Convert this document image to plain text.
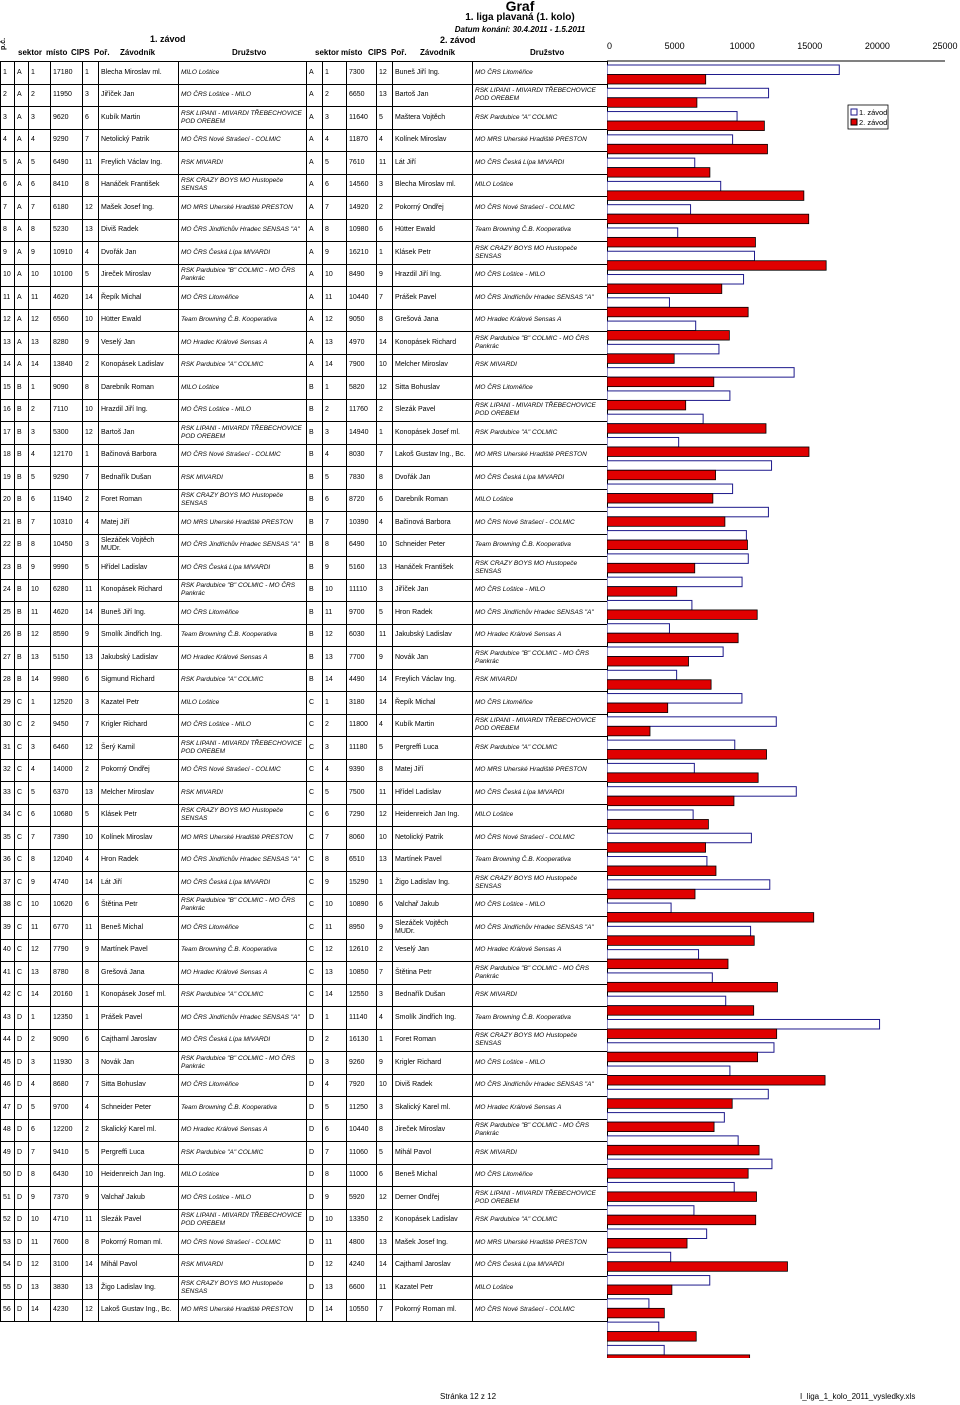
p.č.
Graf
1. liga plavaná (1. kolo)
Datum konání: 30.4.2011 - 1.5.2011
1. závod	2. závod
sektor místo CIPS Poř. Závodník	Družstvo	sektor místo CIPS Poř. Závodník	Družstvo
1	A	1	17180	1	Blecha Miroslav ml.	MILO Loštice	A	1	7300	12	Buneš Jiří Ing.	MO ČRS Litoměřice
2	A	2	11950	3	Jiříček Jan	MO ČRS Loštice - MILO	A	2	6650	13	Bartoš Jan	RSK LIPANI - MIVARDI TŘEBECHOVICE POD OREBEM
3	A	3	9620	6	Kubík Martin	RSK LIPANI - MIVARDI TŘEBECHOVICE POD OREBEM	A	3	11640	5	Maštera Vojtěch	RSK Pardubice "A" COLMIC
4	A	4	9290	7	Netolický Patrik	MO ČRS Nové Strašecí - COLMIC	A	4	11870	4	Kolínek Miroslav	MO MRS Uherské Hradiště PRESTON
5	A	5	6490	11	Freylich Václav Ing.	RSK MIVARDI	A	5	7610	11	Lát Jiří	MO ČRS Česká Lípa MIVARDI
6	A	6	8410	8	Hanáček František	RSK CRAZY BOYS MO Hustopeče SENSAS	A	6	14560	3	Blecha Miroslav ml.	MILO Loštice
7	A	7	6180	12	Mašek Josef Ing.	MO MRS Uherské Hradiště PRESTON	A	7	14920	2	Pokorný Ondřej	MO ČRS Nové Strašecí - COLMIC
8	A	8	5230	13	Diviš Radek	MO ČRS Jindřichův Hradec SENSAS "A"	A	8	10980	6	Hütter Ewald	Team Browning Č.B. Kooperativa
9	A	9	10910	4	Dvořák Jan	MO ČRS Česká Lípa MIVARDI	A	9	16210	1	Klásek Petr	RSK CRAZY BOYS MO Hustopeče SENSAS
10	A	10	10100	5	Jireček Miroslav	RSK Pardubice "B" COLMIC - MO ČRS Pankrác	A	10	8490	9	Hrazdil Jiří Ing.	MO ČRS Loštice - MILO
11	A	11	4620	14	Řepík Michal	MO ČRS Litoměřice	A	11	10440	7	Prášek Pavel	MO ČRS Jindřichův Hradec SENSAS "A"
12	A	12	6560	10	Hütter Ewald	Team Browning Č.B. Kooperativa	A	12	9050	8	Grešová Jana	MO Hradec Králové Sensas A
13	A	13	8280	9	Veselý Jan	MO Hradec Králové Sensas A	A	13	4970	14	Konopásek Richard	RSK Pardubice "B" COLMIC - MO ČRS Pankrác
14	A	14	13840	2	Konopásek Ladislav	RSK Pardubice "A" COLMIC	A	14	7900	10	Melcher Miroslav	RSK MIVARDI
15	B	1	9090	8	Darebník Roman	MILO Loštice	B	1	5820	12	Sitta Bohuslav	MO ČRS Litoměřice
16	B	2	7110	10	Hrazdil Jiří Ing.	MO ČRS Loštice - MILO	B	2	11760	2	Slezák Pavel	RSK LIPANI - MIVARDI TŘEBECHOVICE POD OREBEM
17	B	3	5300	12	Bartoš Jan	RSK LIPANI - MIVARDI TŘEBECHOVICE POD OREBEM	B	3	14940	1	Konopásek Josef ml.	RSK Pardubice "A" COLMIC
18	B	4	12170	1	Bačinová Barbora	MO ČRS Nové Strašecí - COLMIC	B	4	8030	7	Lakoš Gustav Ing., Bc.	MO MRS Uherské Hradiště PRESTON
19	B	5	9290	7	Bednařík Dušan	RSK MIVARDI	B	5	7830	8	Dvořák Jan	MO ČRS Česká Lípa MIVARDI
20	B	6	11940	2	Foret Roman	RSK CRAZY BOYS MO Hustopeče SENSAS	B	6	8720	6	Darebník Roman	MILO Loštice
21	B	7	10310	4	Matej Jiří	MO MRS Uherské Hradiště PRESTON	B	7	10390	4	Bačinová Barbora	MO ČRS Nové Strašecí - COLMIC
22	B	8	10450	3	Slezáček Vojtěch MUDr.	MO ČRS Jindřichův Hradec SENSAS "A"	B	8	6490	10	Schneider Peter	Team Browning Č.B. Kooperativa
23	B	9	9990	5	Hřídel Ladislav	MO ČRS Česká Lípa MIVARDI	B	9	5160	13	Hanáček František	RSK CRAZY BOYS MO Hustopeče SENSAS
24	B	10	6280	11	Konopásek Richard	RSK Pardubice "B" COLMIC - MO ČRS Pankrác	B	10	11110	3	Jiříček Jan	MO ČRS Loštice - MILO
25	B	11	4620	14	Buneš Jiří Ing.	MO ČRS Litoměřice	B	11	9700	5	Hron Radek	MO ČRS Jindřichův Hradec SENSAS "A"
26	B	12	8590	9	Smolík Jindřich Ing.	Team Browning Č.B. Kooperativa	B	12	6030	11	Jakubský Ladislav	MO Hradec Králové Sensas A
27	B	13	5150	13	Jakubský Ladislav	MO Hradec Králové Sensas A	B	13	7700	9	Novák Jan	RSK Pardubice "B" COLMIC - MO ČRS Pankrác
28	B	14	9980	6	Sigmund Richard	RSK Pardubice "A" COLMIC	B	14	4490	14	Freylich Václav Ing.	RSK MIVARDI
29	C	1	12520	3	Kazatel Petr	MILO Loštice	C	1	3180	14	Řepík Michal	MO ČRS Litoměřice
30	C	2	9450	7	Krigler Richard	MO ČRS Loštice - MILO	C	2	11800	4	Kubík Martin	RSK LIPANI - MIVARDI TŘEBECHOVICE POD OREBEM
31	C	3	6460	12	Šerý Kamil	RSK LIPANI - MIVARDI TŘEBECHOVICE POD OREBEM	C	3	11180	5	Pergreffi Luca	RSK Pardubice "A" COLMIC
32	C	4	14000	2	Pokorný Ondřej	MO ČRS Nové Strašecí - COLMIC	C	4	9390	8	Matej Jiří	MO MRS Uherské Hradiště PRESTON
33	C	5	6370	13	Melcher Miroslav	RSK MIVARDI	C	5	7500	11	Hřídel Ladislav	MO ČRS Česká Lípa MIVARDI
34	C	6	10680	5	Klásek Petr	RSK CRAZY BOYS MO Hustopeče SENSAS	C	6	7290	12	Heidenreich Jan Ing.	MILO Loštice
35	C	7	7390	10	Kolínek Miroslav	MO MRS Uherské Hradiště PRESTON	C	7	8060	10	Netolický Patrik	MO ČRS Nové Strašecí - COLMIC
36	C	8	12040	4	Hron Radek	MO ČRS Jindřichův Hradec SENSAS "A"	C	8	6510	13	Martínek Pavel	Team Browning Č.B. Kooperativa
37	C	9	4740	14	Lát Jiří	MO ČRS Česká Lípa MIVARDI	C	9	15290	1	Žigo Ladislav Ing.	RSK CRAZY BOYS MO Hustopeče SENSAS
38	C	10	10620	6	Štětina Petr	RSK Pardubice "B" COLMIC - MO ČRS Pankrác	C	10	10890	6	Valchař Jakub	MO ČRS Loštice - MILO
39	C	11	6770	11	Beneš Michal	MO ČRS Litoměřice	C	11	8950	9	Slezáček Vojtěch MUDr.	MO ČRS Jindřichův Hradec SENSAS "A"
40	C	12	7790	9	Martínek Pavel	Team Browning Č.B. Kooperativa	C	12	12610	2	Veselý Jan	MO Hradec Králové Sensas A
41	C	13	8780	8	Grešová Jana	MO Hradec Králové Sensas A	C	13	10850	7	Štětina Petr	RSK Pardubice "B" COLMIC - MO ČRS Pankrác
42	C	14	20160	1	Konopásek Josef ml.	RSK Pardubice "A" COLMIC	C	14	12550	3	Bednařík Dušan	RSK MIVARDI
43	D	1	12350	1	Prášek Pavel	MO ČRS Jindřichův Hradec SENSAS "A"	D	1	11140	4	Smolík Jindřich Ing.	Team Browning Č.B. Kooperativa
44	D	2	9090	6	Cajthaml Jaroslav	MO ČRS Česká Lípa MIVARDI	D	2	16130	1	Foret Roman	RSK CRAZY BOYS MO Hustopeče SENSAS
45	D	3	11930	3	Novák Jan	RSK Pardubice "B" COLMIC - MO ČRS Pankrác	D	3	9260	9	Krigler Richard	MO ČRS Loštice - MILO
46	D	4	8680	7	Sitta Bohuslav	MO ČRS Litoměřice	D	4	7920	10	Diviš Radek	MO ČRS Jindřichův Hradec SENSAS "A"
47	D	5	9700	4	Schneider Peter	Team Browning Č.B. Kooperativa	D	5	11250	3	Skalický Karel ml.	MO Hradec Králové Sensas A
48	D	6	12200	2	Skalický Karel ml.	MO Hradec Králové Sensas A	D	6	10440	8	Jireček Miroslav	RSK Pardubice "B" COLMIC - MO ČRS Pankrác
49	D	7	9410	5	Pergreffi Luca	RSK Pardubice "A" COLMIC	D	7	11060	5	Mihál Pavol	RSK MIVARDI
50	D	8	6430	10	Heidenreich Jan Ing.	MILO Loštice	D	8	11000	6	Beneš Michal	MO ČRS Litoměřice
51	D	9	7370	9	Valchař Jakub	MO ČRS Loštice - MILO	D	9	5920	12	Derner Ondřej	RSK LIPANI - MIVARDI TŘEBECHOVICE POD OREBEM
52	D	10	4710	11	Slezák Pavel	RSK LIPANI - MIVARDI TŘEBECHOVICE POD OREBEM	D	10	13350	2	Konopásek Ladislav	RSK Pardubice "A" COLMIC
53	D	11	7600	8	Pokorný Roman ml.	MO ČRS Nové Strašecí - COLMIC	D	11	4800	13	Mašek Josef Ing.	MO MRS Uherské Hradiště PRESTON
54	D	12	3100	14	Mihál Pavol	RSK MIVARDI	D	12	4240	14	Cajthaml Jaroslav	MO ČRS Česká Lípa MIVARDI
55	D	13	3830	13	Žigo Ladislav Ing.	RSK CRAZY BOYS MO Hustopeče SENSAS	D	13	6600	11	Kazatel Petr	MILO Loštice
56	D	14	4230	12	Lakoš Gustav Ing., Bc.	MO MRS Uherské Hradiště PRESTON	D	14	10550	7	Pokorný Roman ml.	MO ČRS Nové Strašecí - COLMIC
0	5000	10000	15000	20000	25000
1. závod
2. závod
Stránka 12 z 12	I_liga_1_kolo_2011_vysledky.xls
